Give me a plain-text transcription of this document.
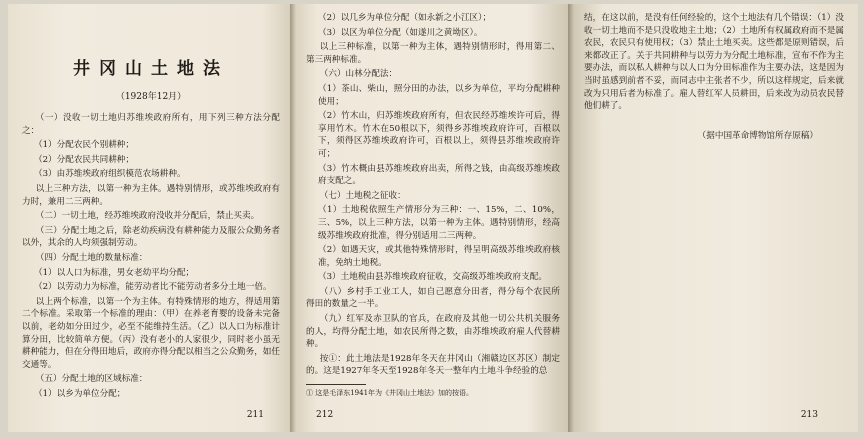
井冈山土地法
（1928年12月）

（一）没收一切土地归苏维埃政府所有，用下列三种方法分配之：

（1）分配农民个别耕种；

（2）分配农民共同耕种；

（3）由苏维埃政府组织模范农场耕种。

以上三种方法，以第一种为主体。遇特别情形，或苏维埃政府有力时，兼用二三两种。

（二）一切土地，经苏维埃政府没收并分配后，禁止买卖。

（三）分配土地之后，除老幼疾病没有耕种能力及服公众勤务者以外，其余的人均须强制劳动。

（四）分配土地的数量标准：

（1）以人口为标准，男女老幼平均分配；

（2）以劳动力为标准，能劳动者比不能劳动者多分土地一倍。

以上两个标准，以第一个为主体。有特殊情形的地方，得适用第二个标准。采取第一个标准的理由：（甲）在养老育婴的设备未完备以前，老幼如分田过少，必至不能维持生活。（乙）以人口为标准计算分田，比较简单方便。（丙）没有老小的人家很少，同时老小虽无耕种能力，但在分得田地后，政府亦得分配以相当之公众勤务，如任交通等。

（五）分配土地的区域标准：

（1）以乡为单位分配；

211

（2）以几乡为单位分配（如永新之小江区）；

（3）以区为单位分配（如遂川之黄坳区）。

以上三种标准，以第一种为主体，遇特别情形时，得用第二、第三两种标准。

（六）山林分配法：

（1）茶山、柴山，照分田的办法，以乡为单位，平均分配耕种使用；

（2）竹木山，归苏维埃政府所有，但农民经苏维埃许可后，得享用竹木。竹木在50根以下，须得乡苏维埃政府许可，百根以下，须得区苏维埃政府许可，百根以上，须得县苏维埃政府许可；

（3）竹木概由县苏维埃政府出卖，所得之钱，由高级苏维埃政府支配之。

（七）土地税之征收：

（1）土地税依照生产情形分为三种：一、15%，二、10%，三、5%，以上三种方法，以第一种为主体。遇特别情形，经高级苏维埃政府批准，得分别适用二三两种。

（2）如遇天灾，或其他特殊情形时，得呈明高级苏维埃政府核准，免纳土地税。

（3）土地税由县苏维埃政府征收，交高级苏维埃政府支配。

（八）乡村手工业工人，如自己愿意分田者，得分每个农民所得田的数量之一半。

（九）红军及赤卫队的官兵，在政府及其他一切公共机关服务的人，均得分配土地，如农民所得之数，由苏维埃政府雇人代替耕种。

按①：此土地法是1928年冬天在井冈山（湘赣边区苏区）制定的。这是1927年冬天至1928年冬天一整年内土地斗争经验的总

① 这是毛泽东1941年为《井冈山土地法》加的按语。
212

结，在这以前，是没有任何经验的，这个土地法有几个错误：（1）没收一切土地而不是只没收地主土地；（2）土地所有权属政府而不是属农民，农民只有使用权；（3）禁止土地买卖。这些都是原则错误，后来都改正了。关于共同耕种与以劳力为分配土地标准，宣布不作为主要办法，而以私人耕种与以人口为分田标准作为主要办法，这是因为当时虽感到前者不妥，而同志中主张者不少，所以这样规定，后来就改为只用后者为标准了。雇人替红军人员耕田，后来改为动员农民替他们耕了。

（据中国革命博物馆所存原稿）
213
